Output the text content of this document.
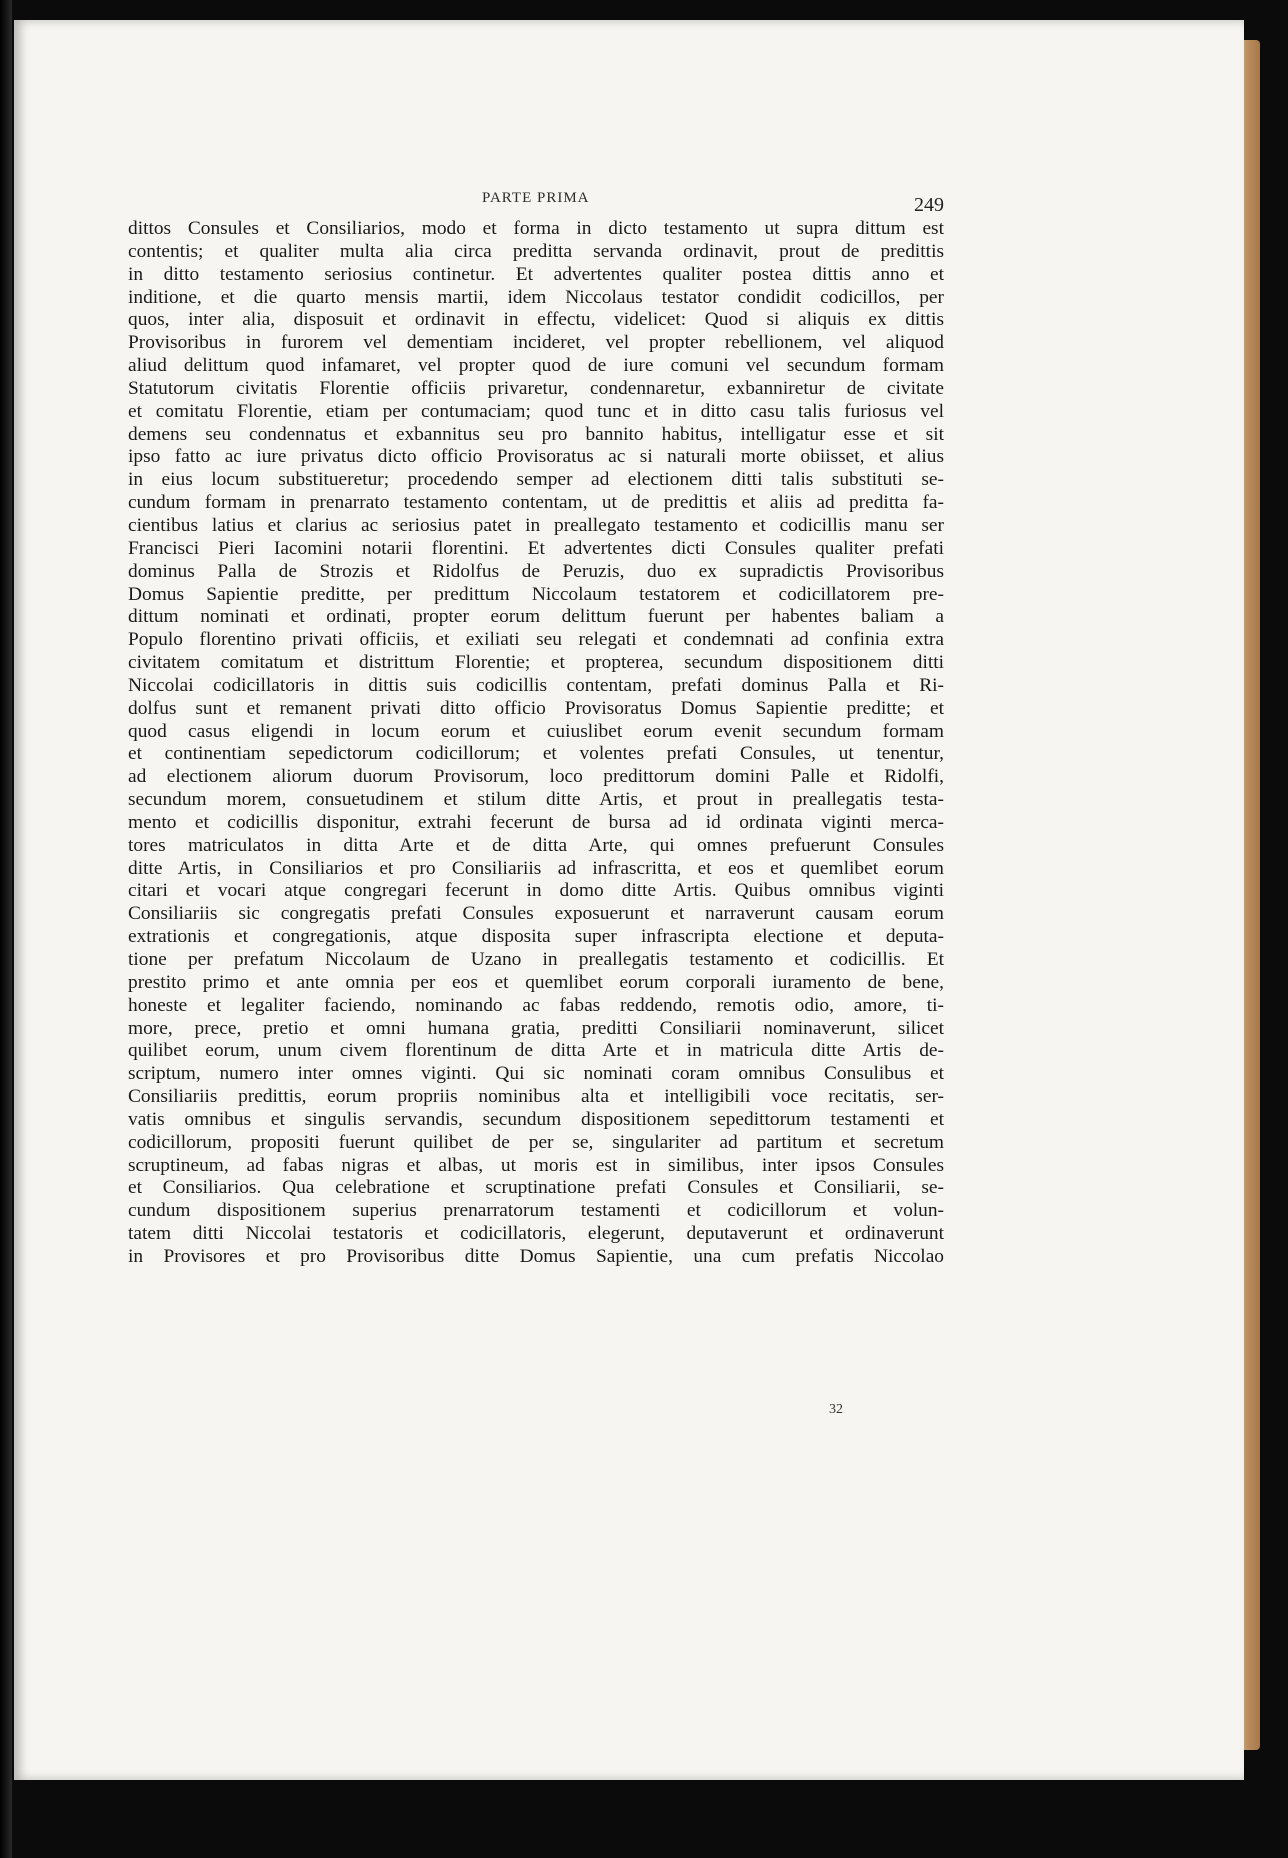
PARTE PRIMA	249
dittos Consules et Consiliarios, modo et forma in dicto testamento ut supra dittum est
contentis; et qualiter multa alia circa preditta servanda ordinavit, prout de predittis
in ditto testamento seriosius continetur. Et advertentes qualiter postea dittis anno et
inditione, et die quarto mensis martii, idem Niccolaus testator condidit codicillos, per
quos, inter alia, disposuit et ordinavit in effectu, videlicet: Quod si aliquis ex dittis
Provisoribus in furorem vel dementiam incideret, vel propter rebellionem, vel aliquod
aliud delittum quod infamaret, vel propter quod de iure comuni vel secundum formam
Statutorum civitatis Florentie officiis privaretur, condennaretur, exbanniretur de civitate
et comitatu Florentie, etiam per contumaciam; quod tunc et in ditto casu talis furiosus vel
demens seu condennatus et exbannitus seu pro bannito habitus, intelligatur esse et sit
ipso fatto ac iure privatus dicto officio Provisoratus ac si naturali morte obiisset, et alius
in eius locum substitueretur; procedendo semper ad electionem ditti talis substituti se-
cundum formam in prenarrato testamento contentam, ut de predittis et aliis ad preditta fa-
cientibus latius et clarius ac seriosius patet in preallegato testamento et codicillis manu ser
Francisci Pieri Iacomini notarii florentini. Et advertentes dicti Consules qualiter prefati
dominus Palla de Strozis et Ridolfus de Peruzis, duo ex supradictis Provisoribus
Domus Sapientie preditte, per predittum Niccolaum testatorem et codicillatorem pre-
dittum nominati et ordinati, propter eorum delittum fuerunt per habentes baliam a
Populo florentino privati officiis, et exiliati seu relegati et condemnati ad confinia extra
civitatem comitatum et distrittum Florentie; et propterea, secundum dispositionem ditti
Niccolai codicillatoris in dittis suis codicillis contentam, prefati dominus Palla et Ri-
dolfus sunt et remanent privati ditto officio Provisoratus Domus Sapientie preditte; et
quod casus eligendi in locum eorum et cuiuslibet eorum evenit secundum formam
et continentiam sepedictorum codicillorum; et volentes prefati Consules, ut tenentur,
ad electionem aliorum duorum Provisorum, loco predittorum domini Palle et Ridolfi,
secundum morem, consuetudinem et stilum ditte Artis, et prout in preallegatis testa-
mento et codicillis disponitur, extrahi fecerunt de bursa ad id ordinata viginti merca-
tores matriculatos in ditta Arte et de ditta Arte, qui omnes prefuerunt Consules
ditte Artis, in Consiliarios et pro Consiliariis ad infrascritta, et eos et quemlibet eorum
citari et vocari atque congregari fecerunt in domo ditte Artis. Quibus omnibus viginti
Consiliariis sic congregatis prefati Consules exposuerunt et narraverunt causam eorum
extrationis et congregationis, atque disposita super infrascripta electione et deputa-
tione per prefatum Niccolaum de Uzano in preallegatis testamento et codicillis. Et
prestito primo et ante omnia per eos et quemlibet eorum corporali iuramento de bene,
honeste et legaliter faciendo, nominando ac fabas reddendo, remotis odio, amore, ti-
more, prece, pretio et omni humana gratia, preditti Consiliarii nominaverunt, silicet
quilibet eorum, unum civem florentinum de ditta Arte et in matricula ditte Artis de-
scriptum, numero inter omnes viginti. Qui sic nominati coram omnibus Consulibus et
Consiliariis predittis, eorum propriis nominibus alta et intelligibili voce recitatis, ser-
vatis omnibus et singulis servandis, secundum dispositionem sepedittorum testamenti et
codicillorum, propositi fuerunt quilibet de per se, singulariter ad partitum et secretum
scruptineum, ad fabas nigras et albas, ut moris est in similibus, inter ipsos Consules
et Consiliarios. Qua celebratione et scruptinatione prefati Consules et Consiliarii, se-
cundum dispositionem superius prenarratorum testamenti et codicillorum et volun-
tatem ditti Niccolai testatoris et codicillatoris, elegerunt, deputaverunt et ordinaverunt
in Provisores et pro Provisoribus ditte Domus Sapientie, una cum prefatis Niccolao
32
